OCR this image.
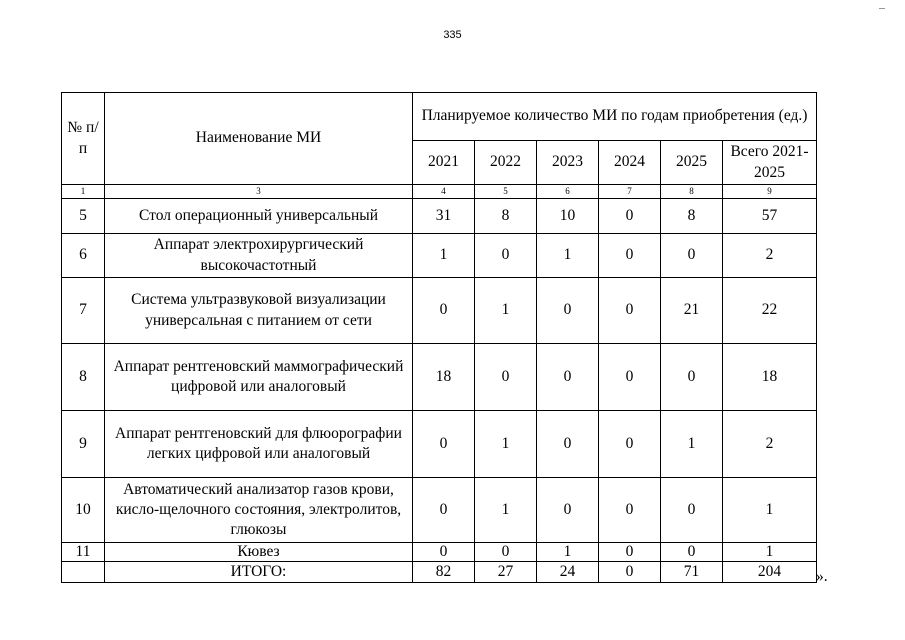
335
№ п/п	Наименование МИ	Планируемое количество МИ по годам приобретения (ед.)					
		2021	2022	2023	2024	2025	Всего 2021-2025
1	3	4	5	6	7	8	9
5	Стол операционный универсальный	31	8	10	0	8	57
6	Аппарат электрохирургический высокочастотный	1	0	1	0	0	2
7	Система ультразвуковой визуализации универсальная с питанием от сети	0	1	0	0	21	22
8	Аппарат рентгеновский маммографический цифровой или аналоговый	18	0	0	0	0	18
9	Аппарат рентгеновский для флюорографии легких цифровой или аналоговый	0	1	0	0	1	2
10	Автоматический анализатор газов крови, кисло-щелочного состояния, электролитов, глюкозы	0	1	0	0	0	1
11	Кювез	0	0	1	0	0	1
	ИТОГО:	82	27	24	0	71	204 ».
